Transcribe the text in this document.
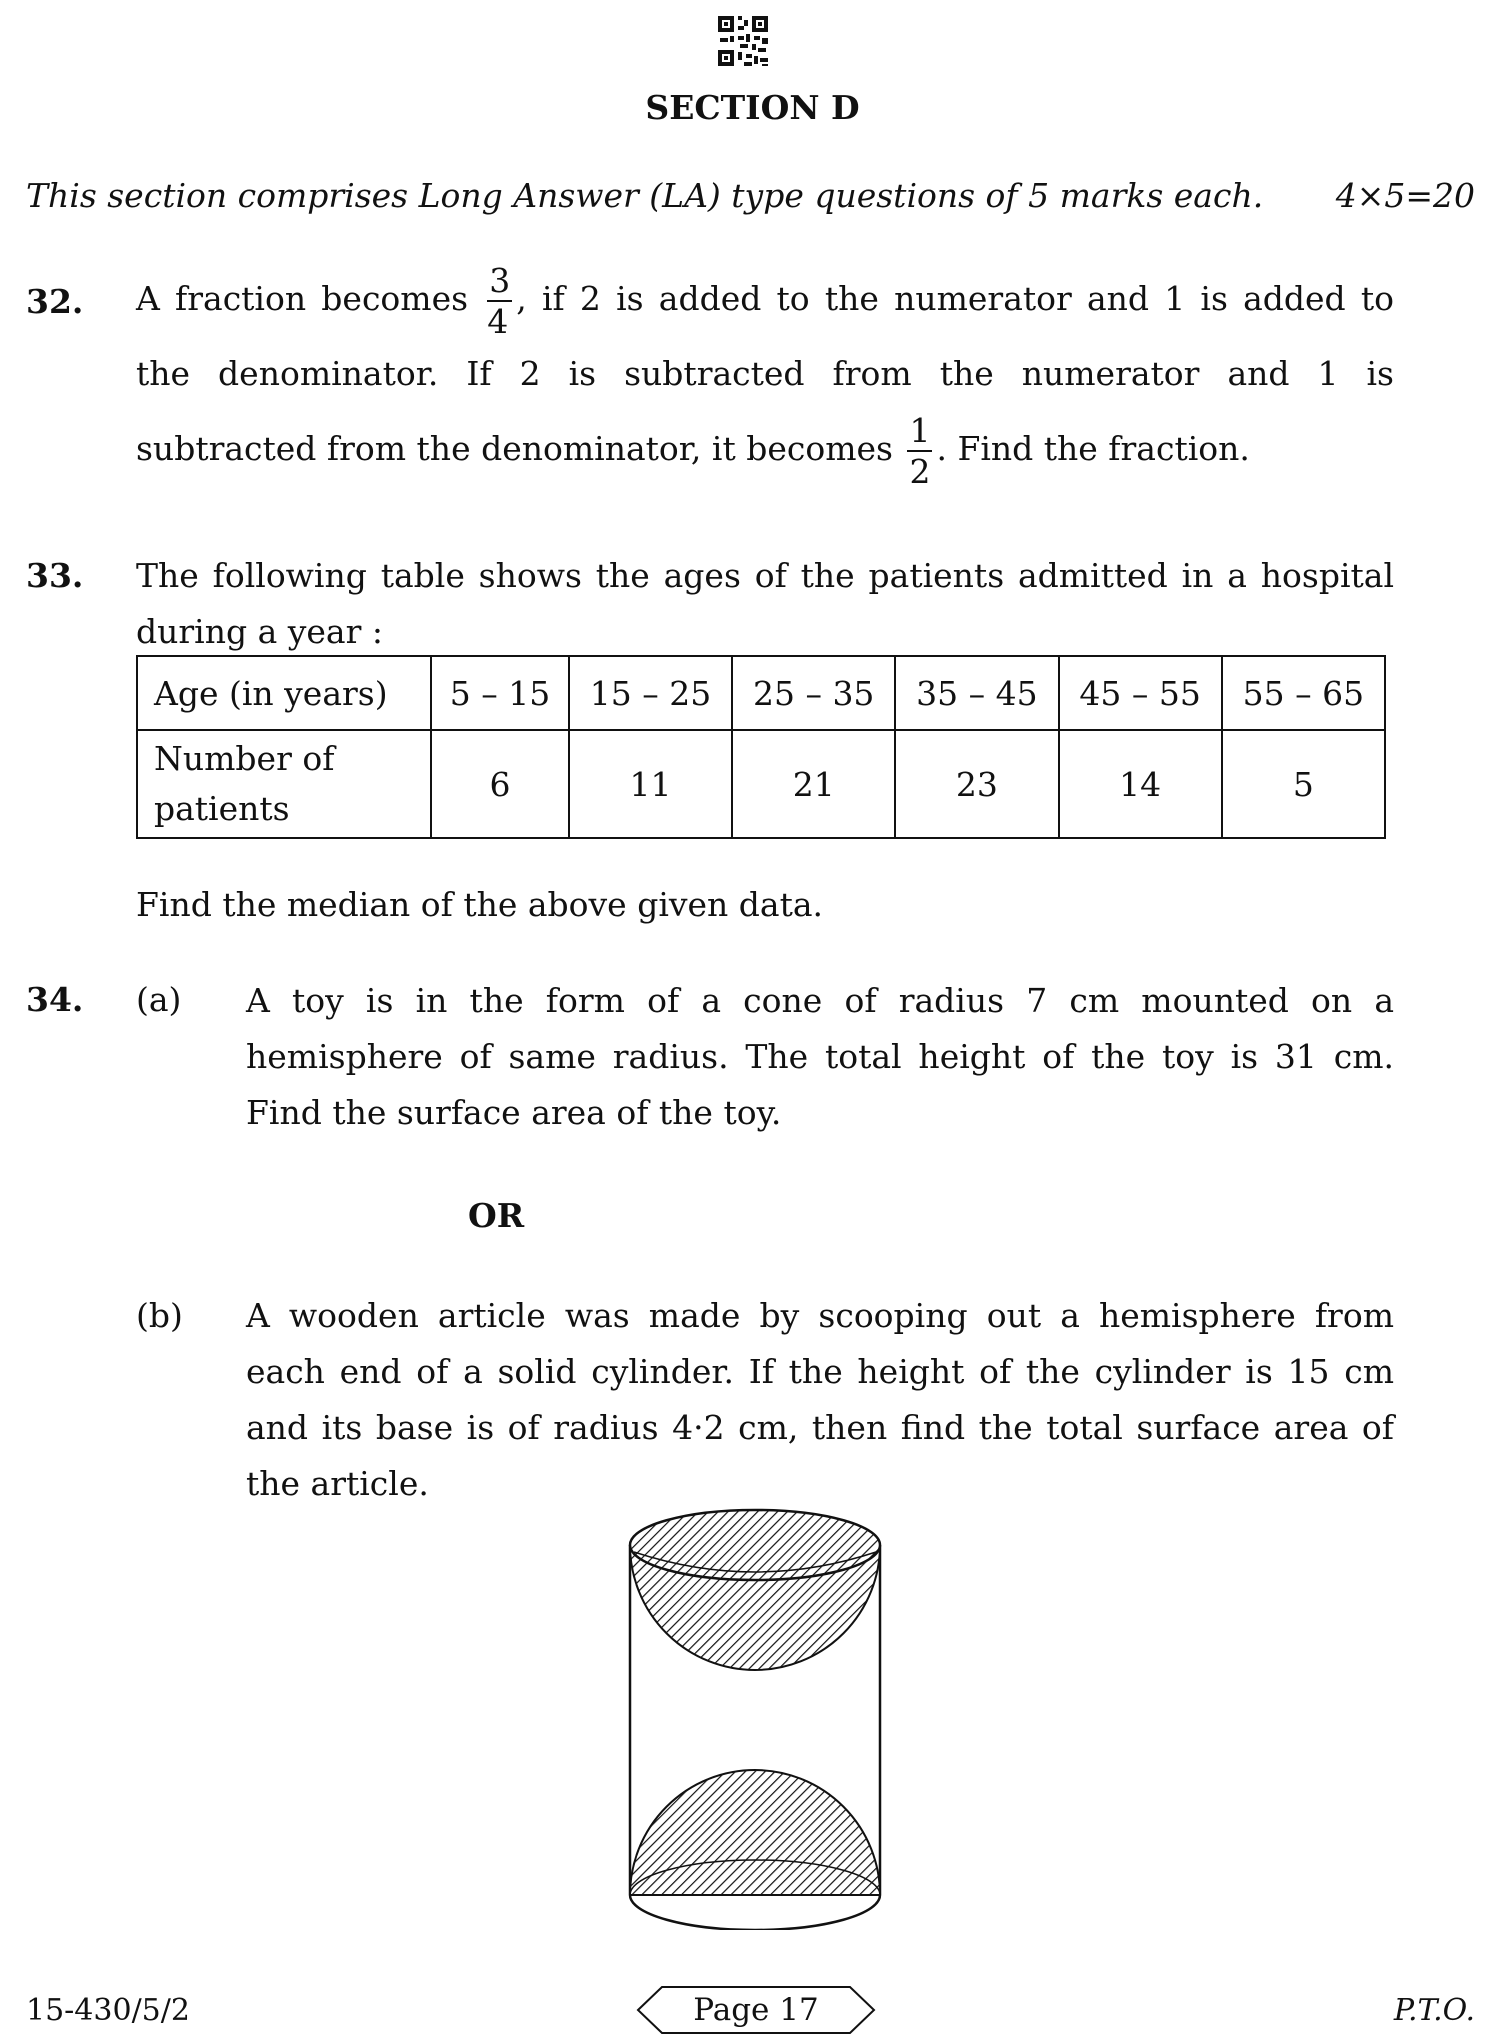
SECTION D
This section comprises Long Answer (LA) type questions of 5 marks each. 4×5=20
32. A fraction becomes $\frac{3}{4}$ , if 2 is added to the numerator and 1 is added to
the denominator. If 2 is subtracted from the numerator and 1 is
subtracted from the denominator, it becomes $\frac{1}{2}$ . Find the fraction.
33. The following table shows the ages of the patients admitted in a hospital
during a year :
Age (in years)	5 – 15	15 – 25	25 – 35	35 – 45	45 – 55	55 – 65
Number of
patients	6	11	21	23	14	5
Find the median of the above given data.
34. (a) A toy is in the form of a cone of radius 7 cm mounted on a
hemisphere of same radius. The total height of the toy is 31 cm.
Find the surface area of the toy.
OR
(b) A wooden article was made by scooping out a hemisphere from
each end of a solid cylinder. If the height of the cylinder is 15 cm
and its base is of radius 4·2 cm, then find the total surface area of
the article.
15-430/5/2	Page 17	P.T.O.
